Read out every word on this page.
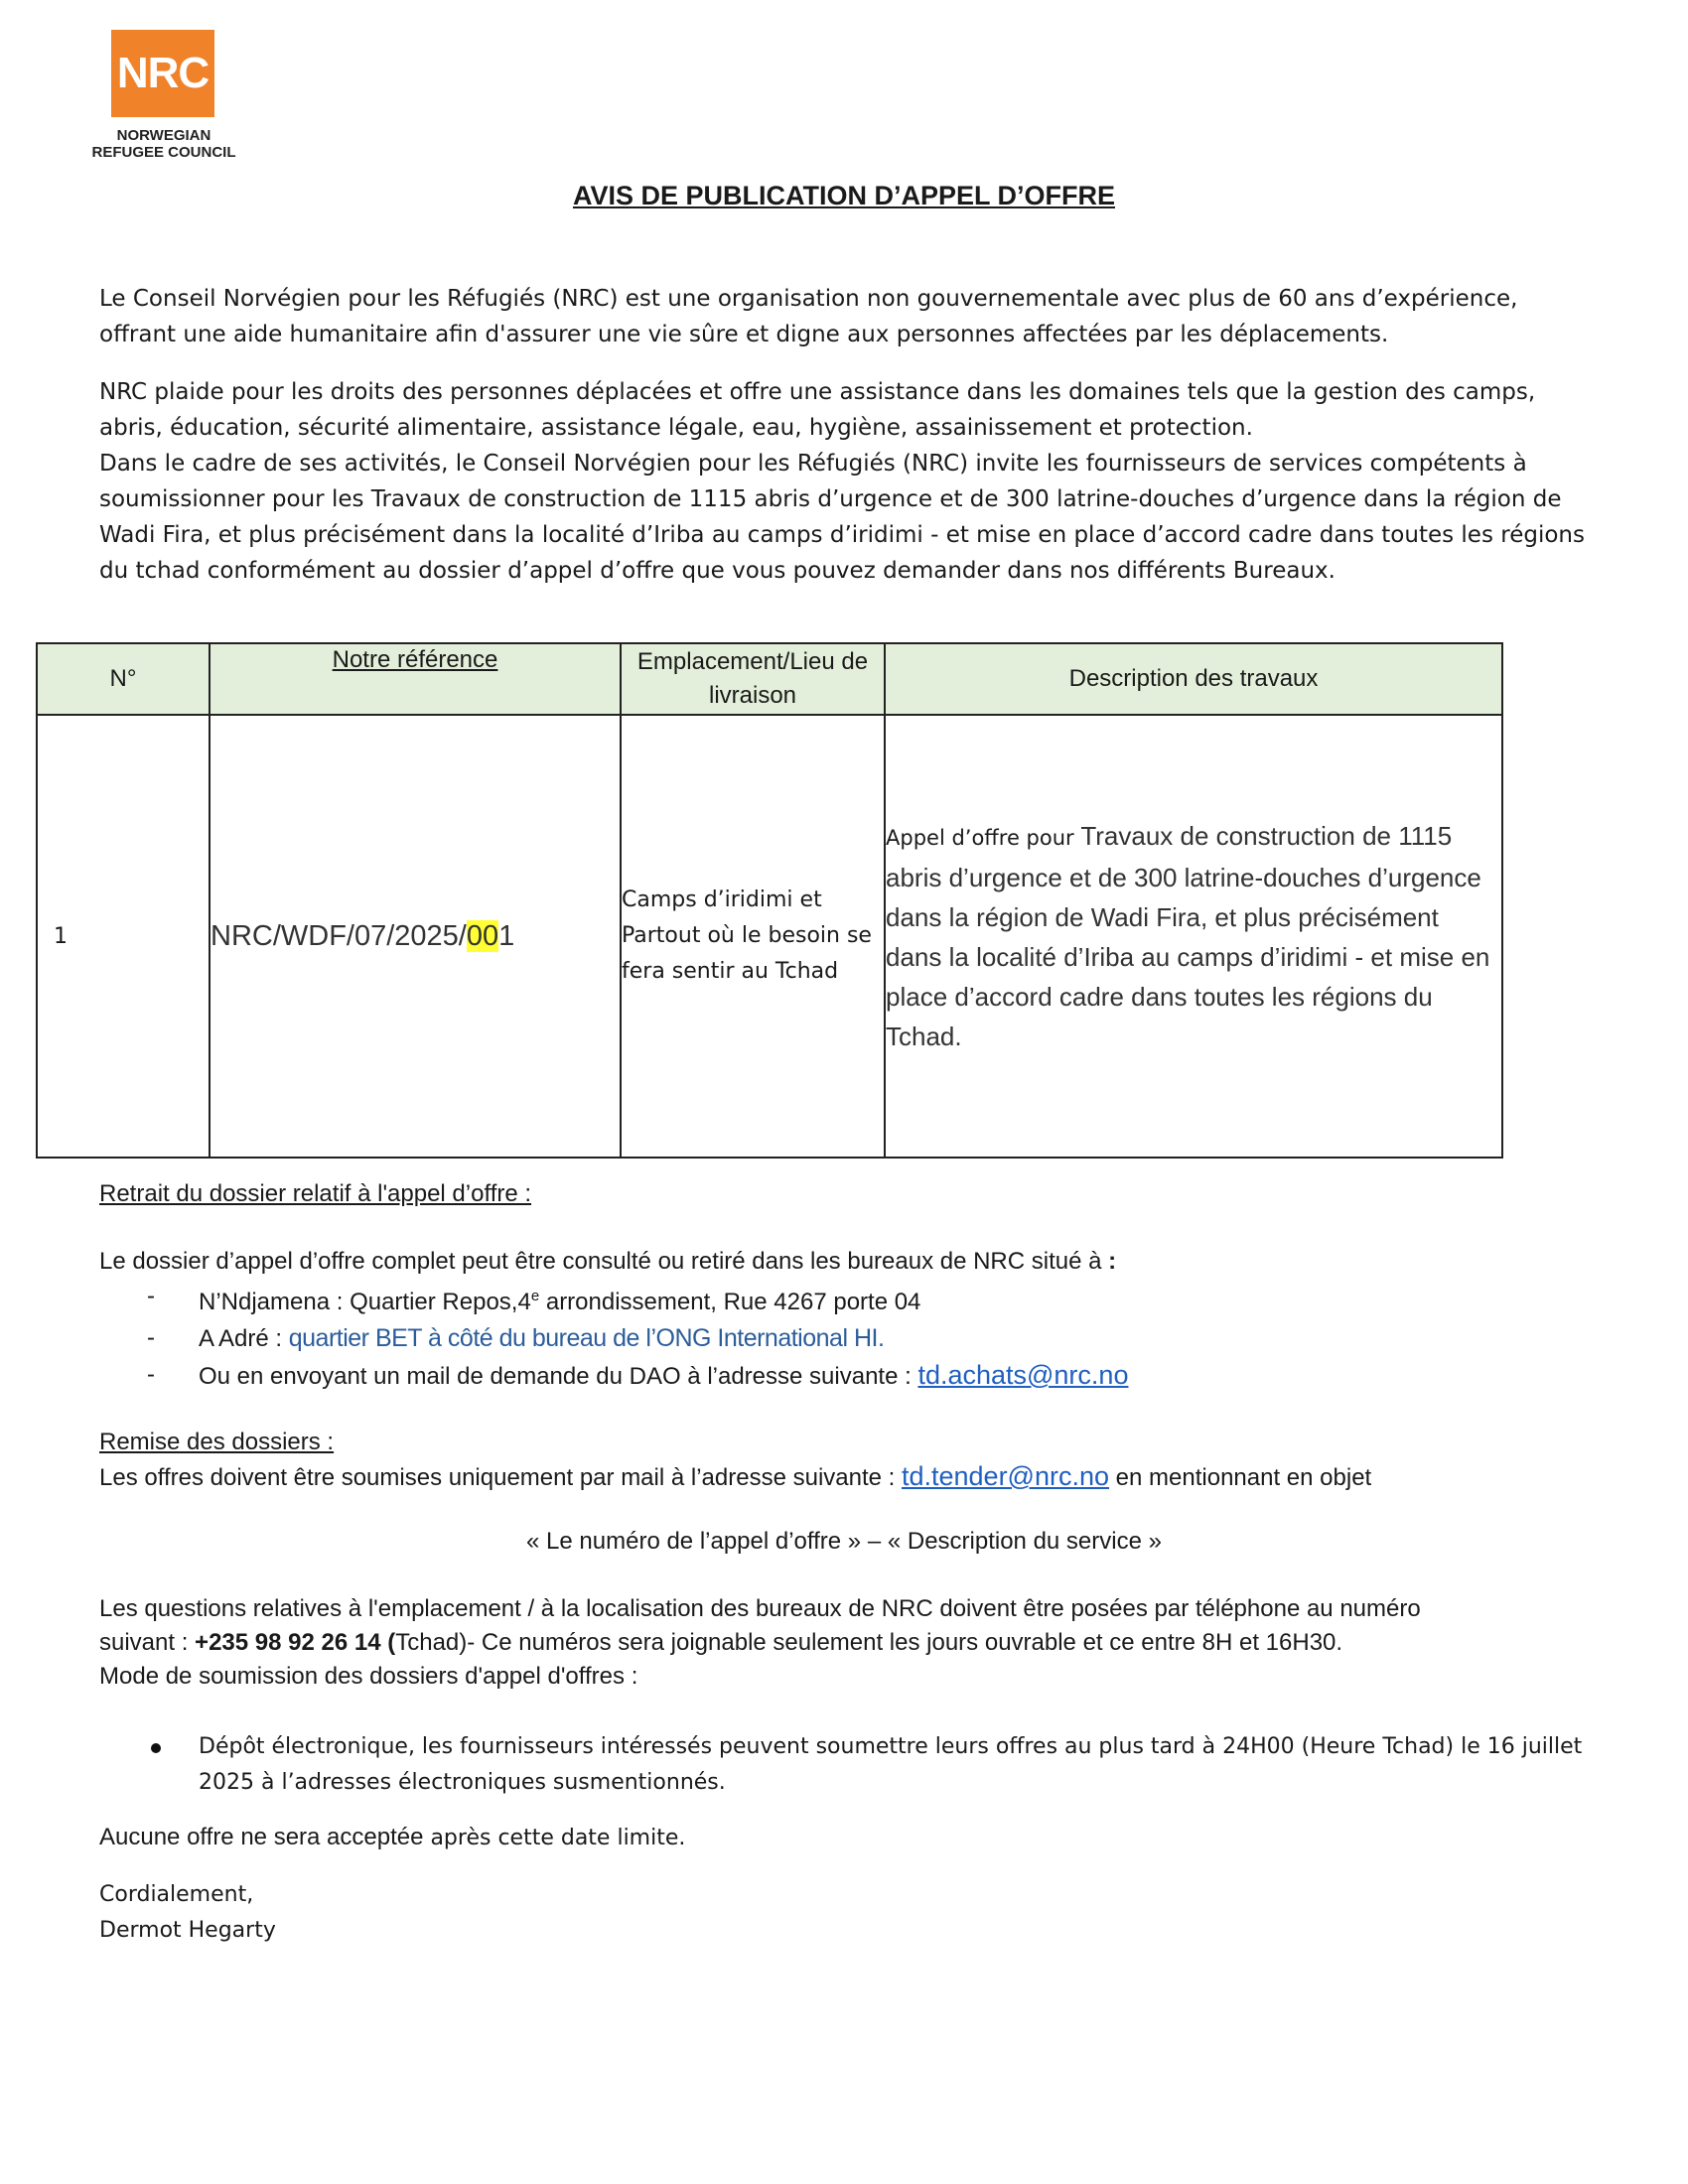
NRC
NORWEGIAN
REFUGEE COUNCIL
AVIS DE PUBLICATION D’APPEL D’OFFRE
Le Conseil Norvégien pour les Réfugiés (NRC) est une organisation non gouvernementale avec plus de 60 ans d’expérience, offrant une aide humanitaire afin d'assurer une vie sûre et digne aux personnes affectées par les déplacements.
NRC plaide pour les droits des personnes déplacées et offre une assistance dans les domaines tels que la gestion des camps, abris, éducation, sécurité alimentaire, assistance légale, eau, hygiène, assainissement et protection.
Dans le cadre de ses activités, le Conseil Norvégien pour les Réfugiés (NRC) invite les fournisseurs de services compétents à soumissionner pour les Travaux de construction de 1115 abris d’urgence et de 300 latrine-douches d’urgence dans la région de Wadi Fira, et plus précisément dans la localité d’Iriba au camps d’iridimi - et mise en place d’accord cadre dans toutes les régions du tchad conformément au dossier d’appel d’offre que vous pouvez demander dans nos différents Bureaux.
N°	Notre référence	Emplacement/Lieu de livraison	Description des travaux
1	NRC/WDF/07/2025/001	Camps d’iridimi et Partout où le besoin se fera sentir au Tchad	Appel d’offre pour Travaux de construction de 1115 abris d’urgence et de 300 latrine-douches d’urgence dans la région de Wadi Fira, et plus précisément dans la localité d’Iriba au camps d’iridimi - et mise en place d’accord cadre dans toutes les régions du Tchad.
Retrait du dossier relatif à l'appel d’offre :
Le dossier d’appel d’offre complet peut être consulté ou retiré dans les bureaux de NRC situé à :
- N’Ndjamena : Quartier Repos,4e arrondissement, Rue 4267 porte 04
- A Adré : quartier BET à côté du bureau de l’ONG International HI.
- Ou en envoyant un mail de demande du DAO à l’adresse suivante : td.achats@nrc.no
Remise des dossiers :
Les offres doivent être soumises uniquement par mail à l’adresse suivante : td.tender@nrc.no en mentionnant en objet
« Le numéro de l’appel d’offre » – « Description du service »
Les questions relatives à l'emplacement / à la localisation des bureaux de NRC doivent être posées par téléphone au numéro
suivant : +235 98 92 26 14 (Tchad)- Ce numéros sera joignable seulement les jours ouvrable et ce entre 8H et 16H30.
Mode de soumission des dossiers d'appel d'offres :
Dépôt électronique, les fournisseurs intéressés peuvent soumettre leurs offres au plus tard à 24H00 (Heure Tchad) le 16 juillet 2025 à l’adresses électroniques susmentionnés.
Aucune offre ne sera acceptée après cette date limite.
Cordialement,
Dermot Hegarty
